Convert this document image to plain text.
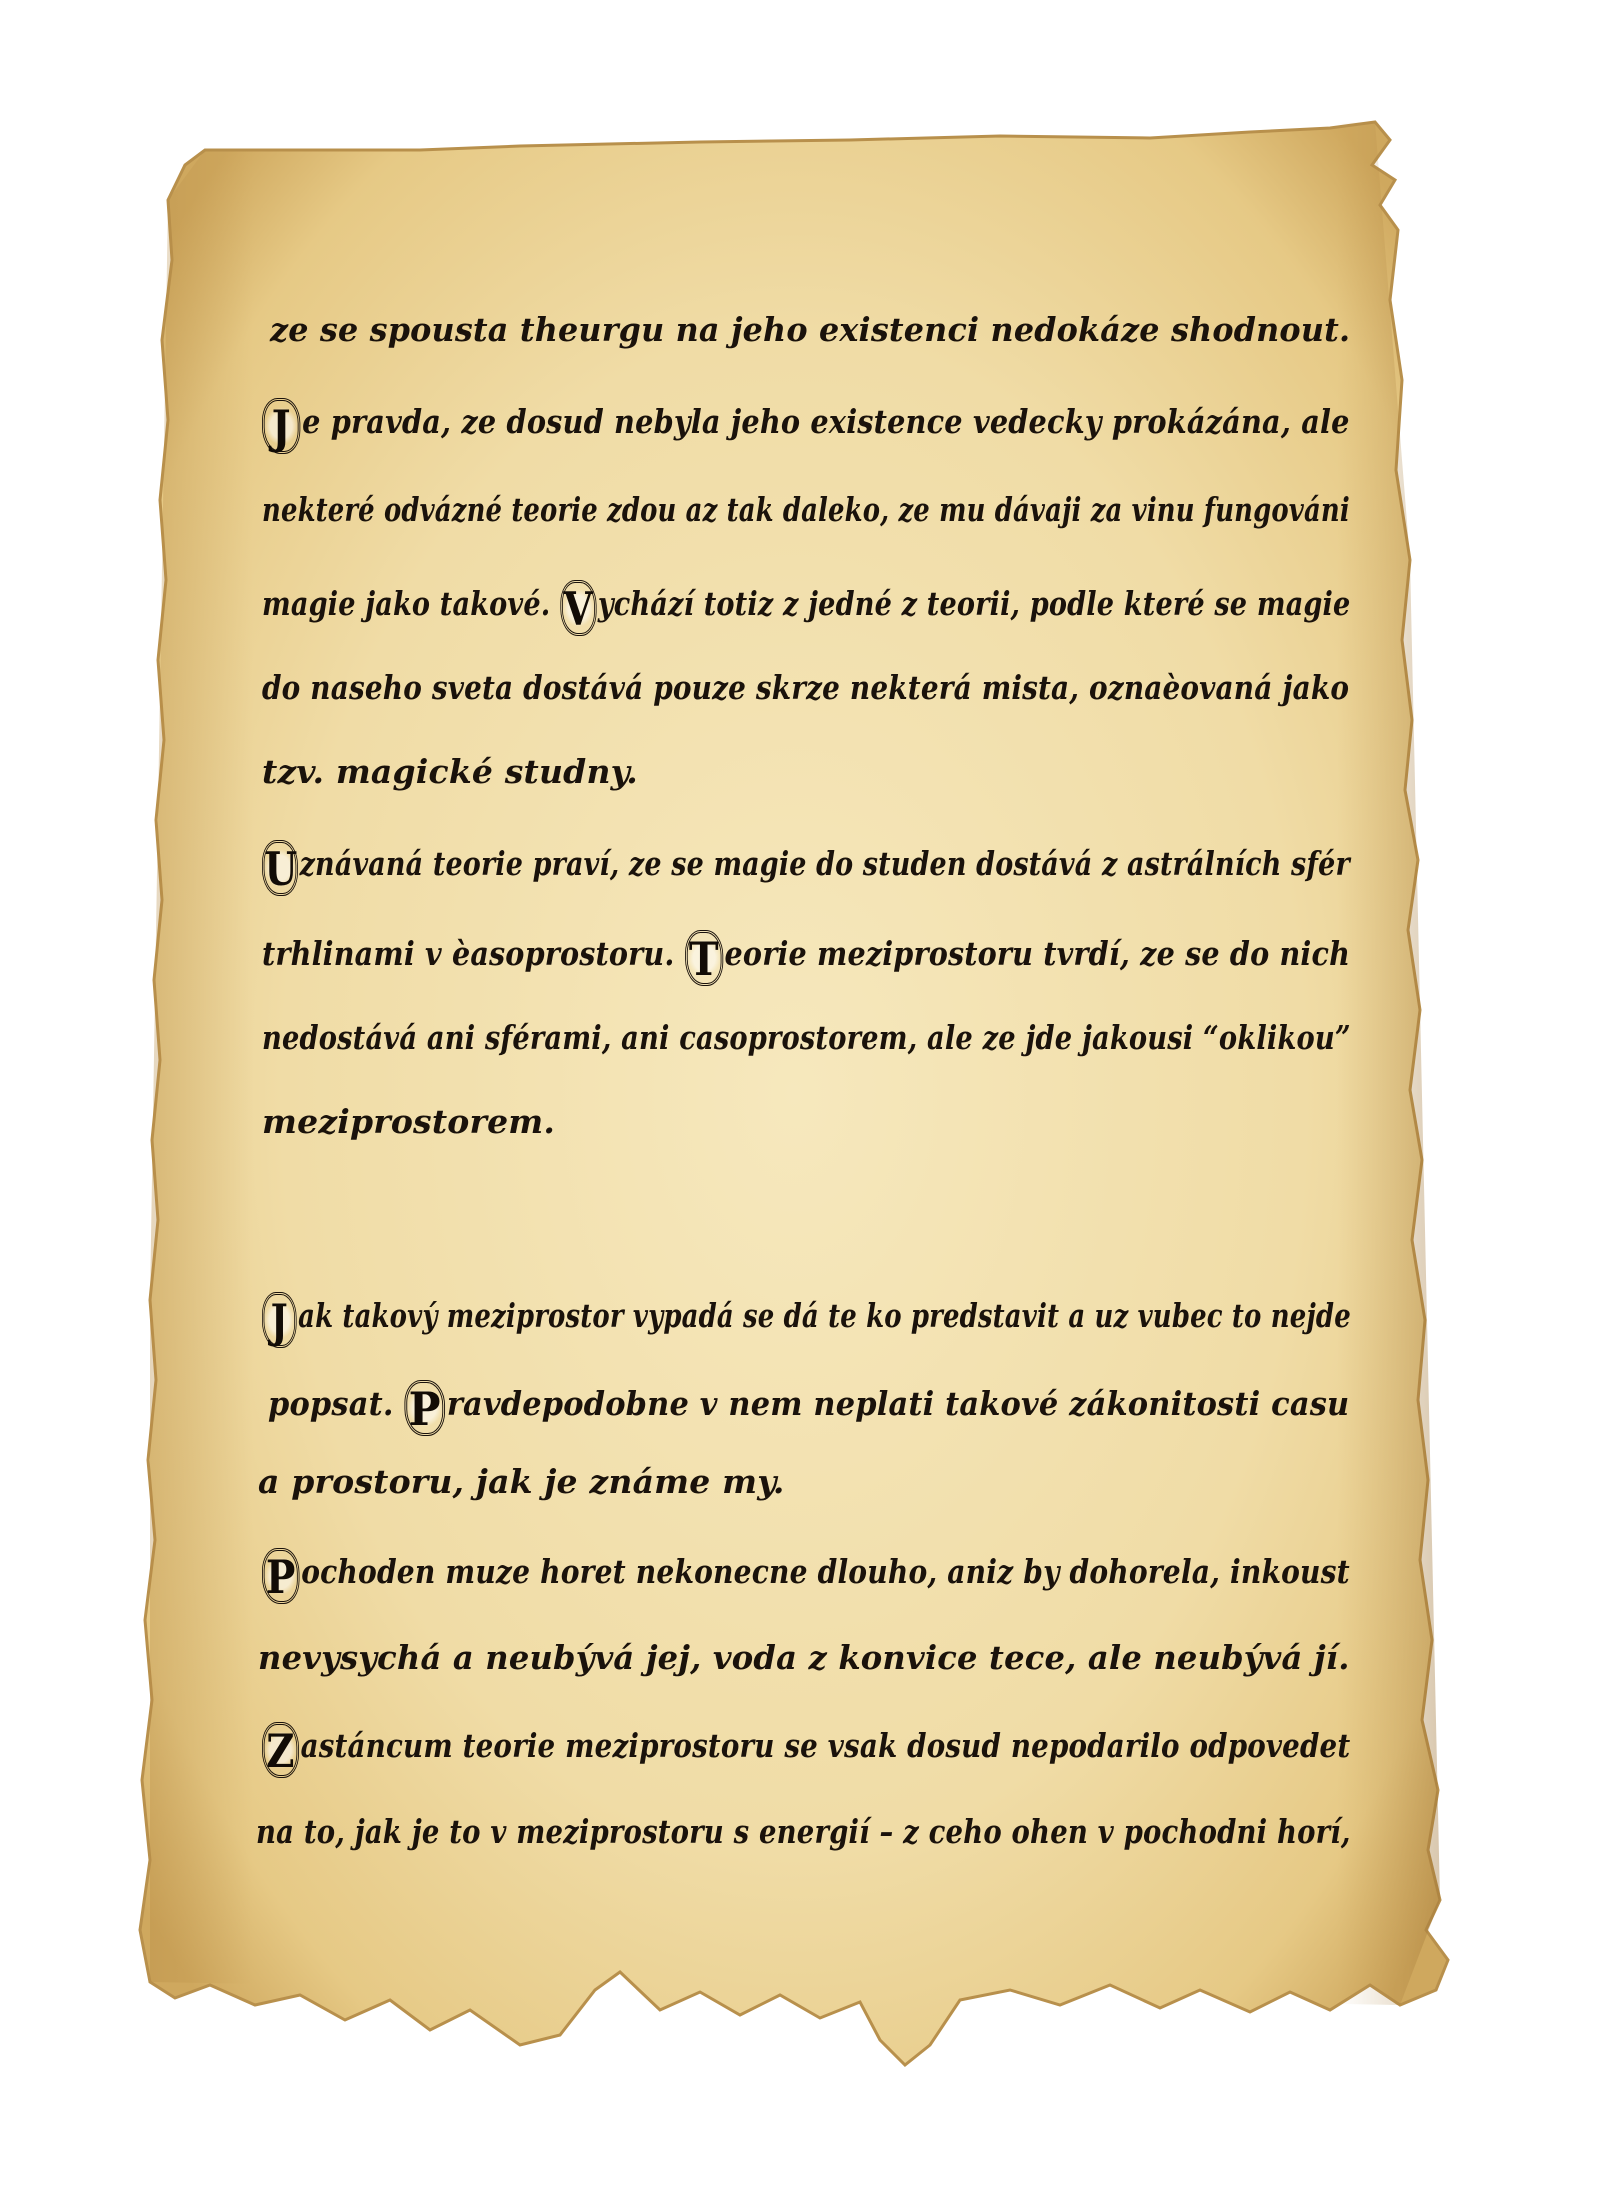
ze se spousta theurgu na jeho existenci nedokáze shodnout.
J e pravda, ze dosud nebyla jeho existence vedecky prokázána, ale
nekteré odvázné teorie zdou az tak daleko, ze mu dávaji za vinu fungováni
magie jako takové. V ychází totiz z jedné z teorii, podle které se magie
do naseho sveta dostává pouze skrze nekterá mista, oznaèovaná jako
tzv. magické studny.
Uznávaná teorie praví, ze se magie do studen dostává z astrálních sfér
trhlinami v èasoprostoru. T eorie meziprostoru tvrdí, ze se do nich
nedostává ani sférami, ani casoprostorem, ale ze jde jakousi “oklikou”
meziprostorem.
J ak takový meziprostor vypadá se dá te ko predstavit a uz vubec to nejde
popsat. P ravdepodobne v nem neplati takové zákonitosti casu
a prostoru, jak je známe my.
P ochoden muze horet nekonecne dlouho, aniz by dohorela, inkoust
nevysychá a neubývá jej, voda z konvice tece, ale neubývá jí.
Z astáncum teorie meziprostoru se vsak dosud nepodarilo odpovedet
na to, jak je to v meziprostoru s energií – z ceho ohen v pochodni horí,
